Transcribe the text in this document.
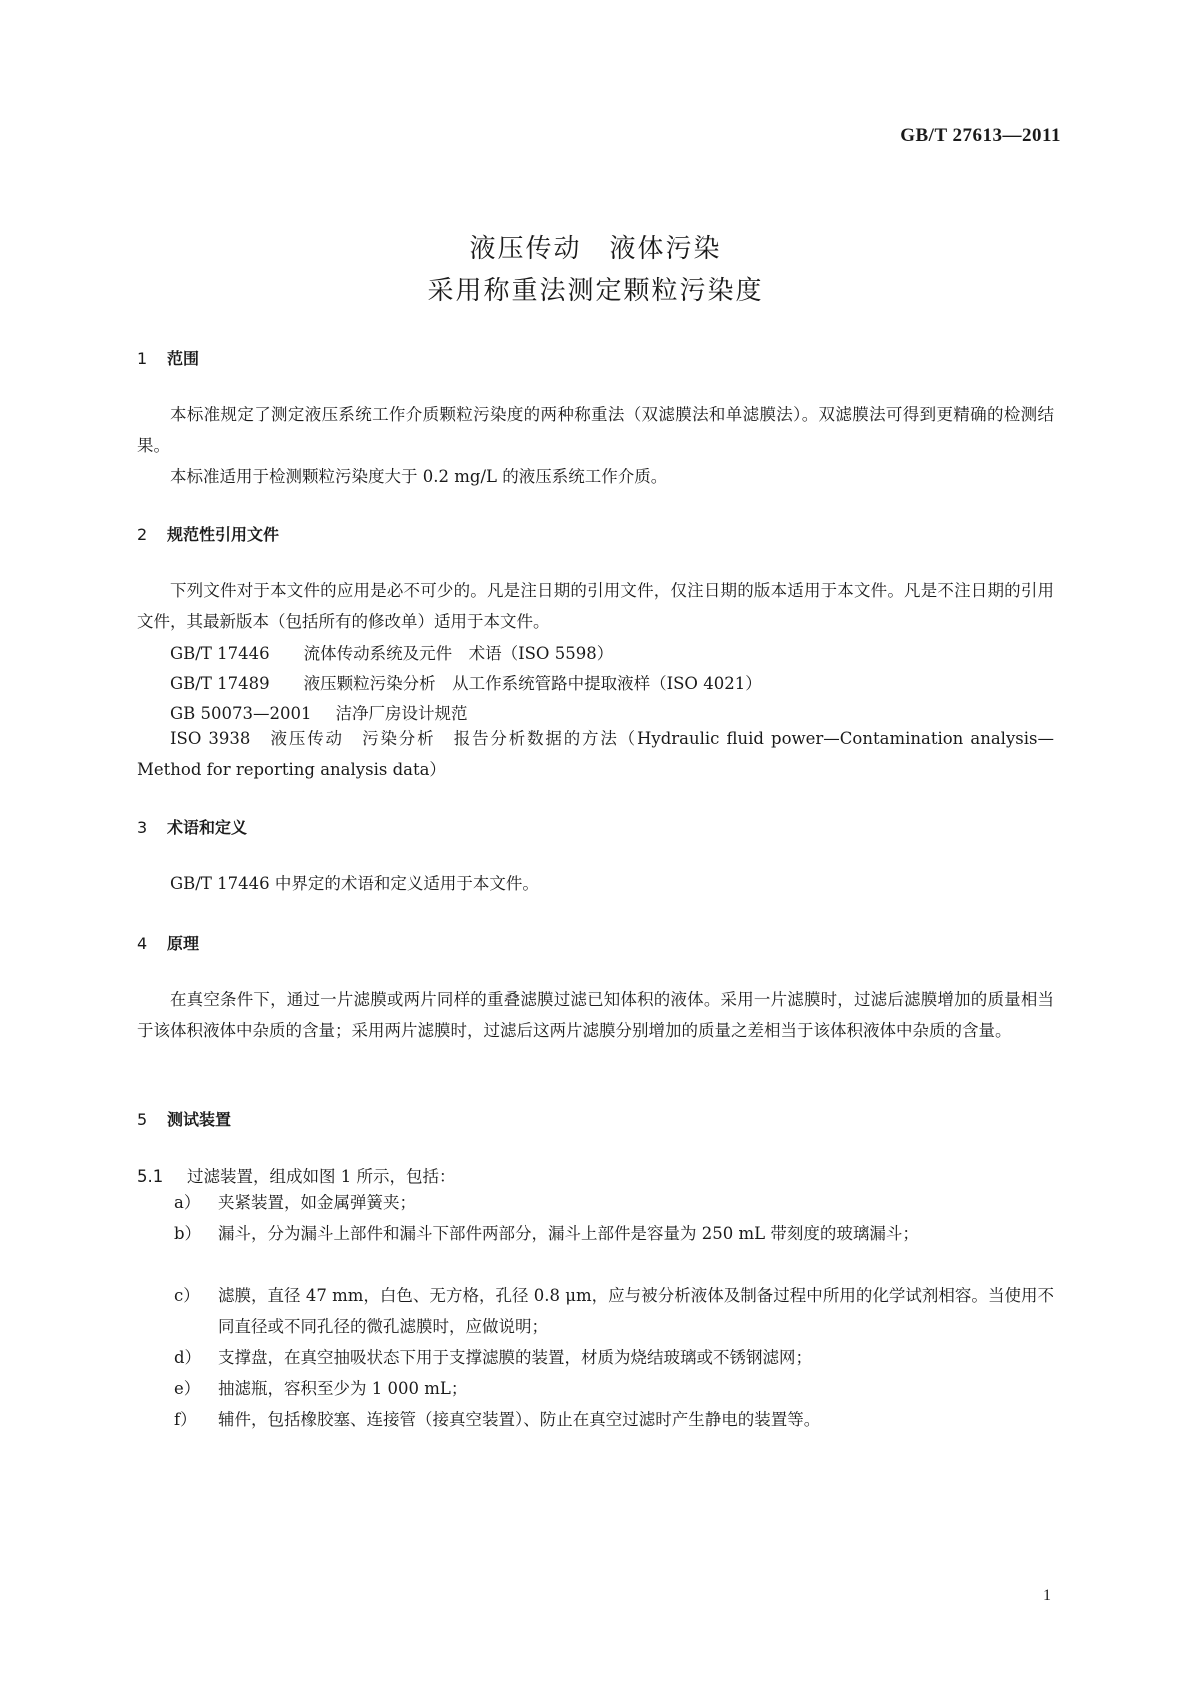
GB/T 27613—2011
液压传动　液体污染
采用称重法测定颗粒污染度
1 范围

本标准规定了测定液压系统工作介质颗粒污染度的两种称重法（双滤膜法和单滤膜法）。双滤膜法可得到更精确的检测结果。

本标准适用于检测颗粒污染度大于 0.2 mg/L 的液压系统工作介质。

2 规范性引用文件

下列文件对于本文件的应用是必不可少的。凡是注日期的引用文件，仅注日期的版本适用于本文件。凡是不注日期的引用文件，其最新版本（包括所有的修改单）适用于本文件。

GB/T 17446 流体传动系统及元件　术语（ISO 5598）
GB/T 17489 液压颗粒污染分析　从工作系统管路中提取液样（ISO 4021）
GB 50073—2001 洁净厂房设计规范

ISO 3938　液压传动　污染分析　报告分析数据的方法（Hydraulic fluid power—Contamination analysis—Method for reporting analysis data）

3 术语和定义

GB/T 17446 中界定的术语和定义适用于本文件。

4 原理

在真空条件下，通过一片滤膜或两片同样的重叠滤膜过滤已知体积的液体。采用一片滤膜时，过滤后滤膜增加的质量相当于该体积液体中杂质的含量；采用两片滤膜时，过滤后这两片滤膜分别增加的质量之差相当于该体积液体中杂质的含量。

5 测试装置
5.1 过滤装置，组成如图 1 所示，包括：
a）	夹紧装置，如金属弹簧夹；
b）	漏斗，分为漏斗上部件和漏斗下部件两部分，漏斗上部件是容量为 250 mL 带刻度的玻璃漏斗；
c）	滤膜，直径 47 mm，白色、无方格，孔径 0.8 μm，应与被分析液体及制备过程中所用的化学试剂相容。当使用不同直径或不同孔径的微孔滤膜时，应做说明；
d）	支撑盘，在真空抽吸状态下用于支撑滤膜的装置，材质为烧结玻璃或不锈钢滤网；
e）	抽滤瓶，容积至少为 1 000 mL；
f）	辅件，包括橡胶塞、连接管（接真空装置）、防止在真空过滤时产生静电的装置等。
1
